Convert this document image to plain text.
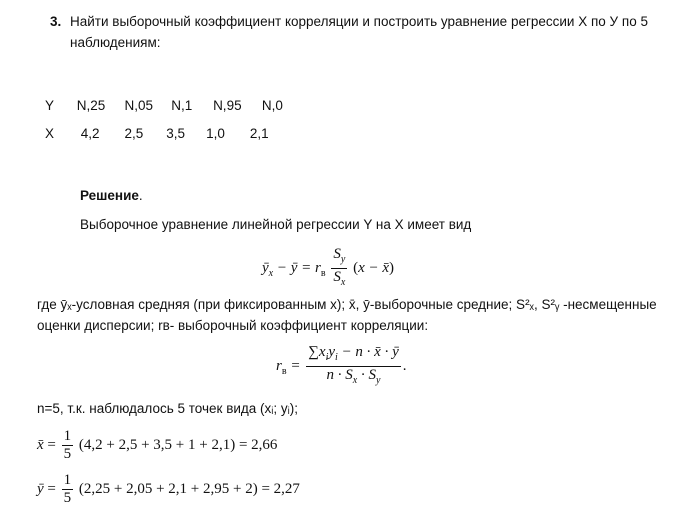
3. Найти выборочный коэффициент корреляции и построить уравнение регрессии Х по У по 5
наблюдениям:
Y N,25 N,05 N,1 N,95 N,0
X 4,2 2,5 3,5 1,0 2,1
Решение.
Выборочное уравнение линейной регрессии Y на X имеет вид
$ȳ_x$ − ȳ = $r_в \frac{S_y}{S_x} (x$ − x̄)
где ȳₓ-условная средняя (при фиксированным х); x̄, ȳ-выборочные средние; S²ₓ, S²ᵧ -несмещенные
оценки дисперсии; rв- выборочный коэффициент корреляции:
$r_в = \frac{\sum x_iy_i - n \cdot x̄ \cdot ȳ}{n \cdot S_x \cdot S_y}$ .
n=5, т.к. наблюдалось 5 точек вида (xᵢ; yᵢ);
x̄ = $\frac{1}{5} (4,2 + 2,5 + 3,5 + 1 + 2,1) = 2,66$
ȳ = $\frac{1}{5} (2,25 + 2,05 + 2,1 + 2,95 + 2) = 2,27$
